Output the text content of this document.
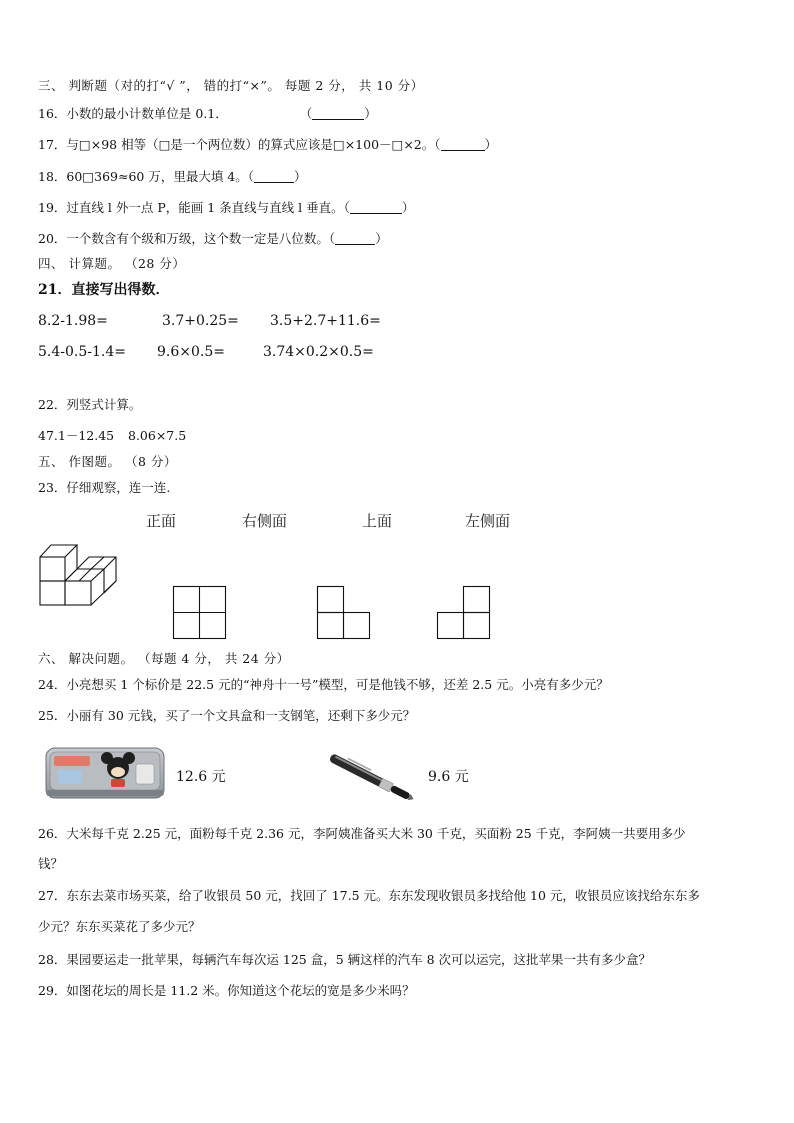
三、 判断题（对的打“√ ”， 错的打“×”。 每题 2 分， 共 10 分）
16．小数的最小计数单位是 0.1．	（	）
17．与□×98 相等（□是一个两位数）的算式应该是□×100－□×2。（	）
18．60□369≈60 万，里最大填 4。（	）
19．过直线 l 外一点 P，能画 1 条直线与直线 l 垂直。（	）
20．一个数含有个级和万级，这个数一定是八位数。（	）
四、 计算题。 （28 分）
21．直接写出得数．
8.2-1.98=	3.7+0.25= 3.5+2.7+11.6=
5.4-0.5-1.4= 9.6×0.5=	3.74×0.2×0.5=
22．列竖式计算。
47.1－12.45 8.06×7.5
五、 作图题。 （8 分）
23．仔细观察，连一连.
正面	右侧面	上面	左侧面
六、 解决问题。 （每题 4 分， 共 24 分）
24．小亮想买 1 个标价是 22.5 元的“神舟十一号”模型，可是他钱不够，还差 2.5 元。小亮有多少元？
25．小丽有 30 元钱，买了一个文具盒和一支钢笔，还剩下多少元？
12.6 元	9.6 元
26．大米每千克 2.25 元，面粉每千克 2.36 元，李阿姨准备买大米 30 千克，买面粉 25 千克，李阿姨一共要用多少
钱？
27．东东去菜市场买菜，给了收银员 50 元，找回了 17.5 元。东东发现收银员多找给他 10 元，收银员应该找给东东多
少元？东东买菜花了多少元？
28．果园要运走一批苹果，每辆汽车每次运 125 盒，5 辆这样的汽车 8 次可以运完，这批苹果一共有多少盒？
29．如图花坛的周长是 11.2 米。你知道这个花坛的宽是多少米吗？
